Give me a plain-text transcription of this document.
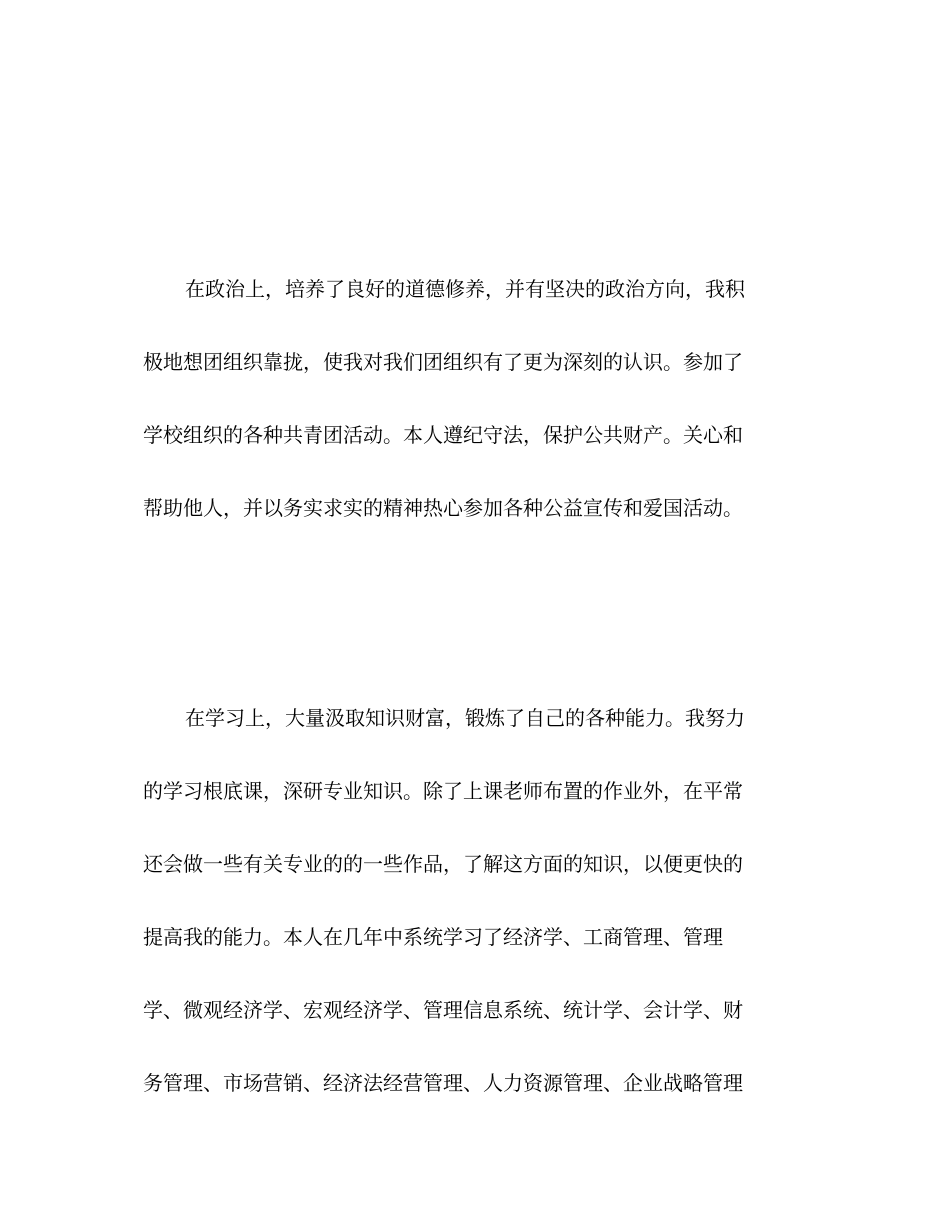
在政治上，培养了良好的道德修养，并有坚决的政治方向，我积
极地想团组织靠拢，使我对我们团组织有了更为深刻的认识。参加了
学校组织的各种共青团活动。本人遵纪守法，保护公共财产。关心和
帮助他人，并以务实求实的精神热心参加各种公益宣传和爱国活动。
在学习上，大量汲取知识财富，锻炼了自己的各种能力。我努力
的学习根底课，深研专业知识。除了上课老师布置的作业外，在平常
还会做一些有关专业的的一些作品，了解这方面的知识，以便更快的
提高我的能力。本人在几年中系统学习了经济学、工商管理、管理
学、微观经济学、宏观经济学、管理信息系统、统计学、会计学、财
务管理、市场营销、经济法经营管理、人力资源管理、企业战略管理
